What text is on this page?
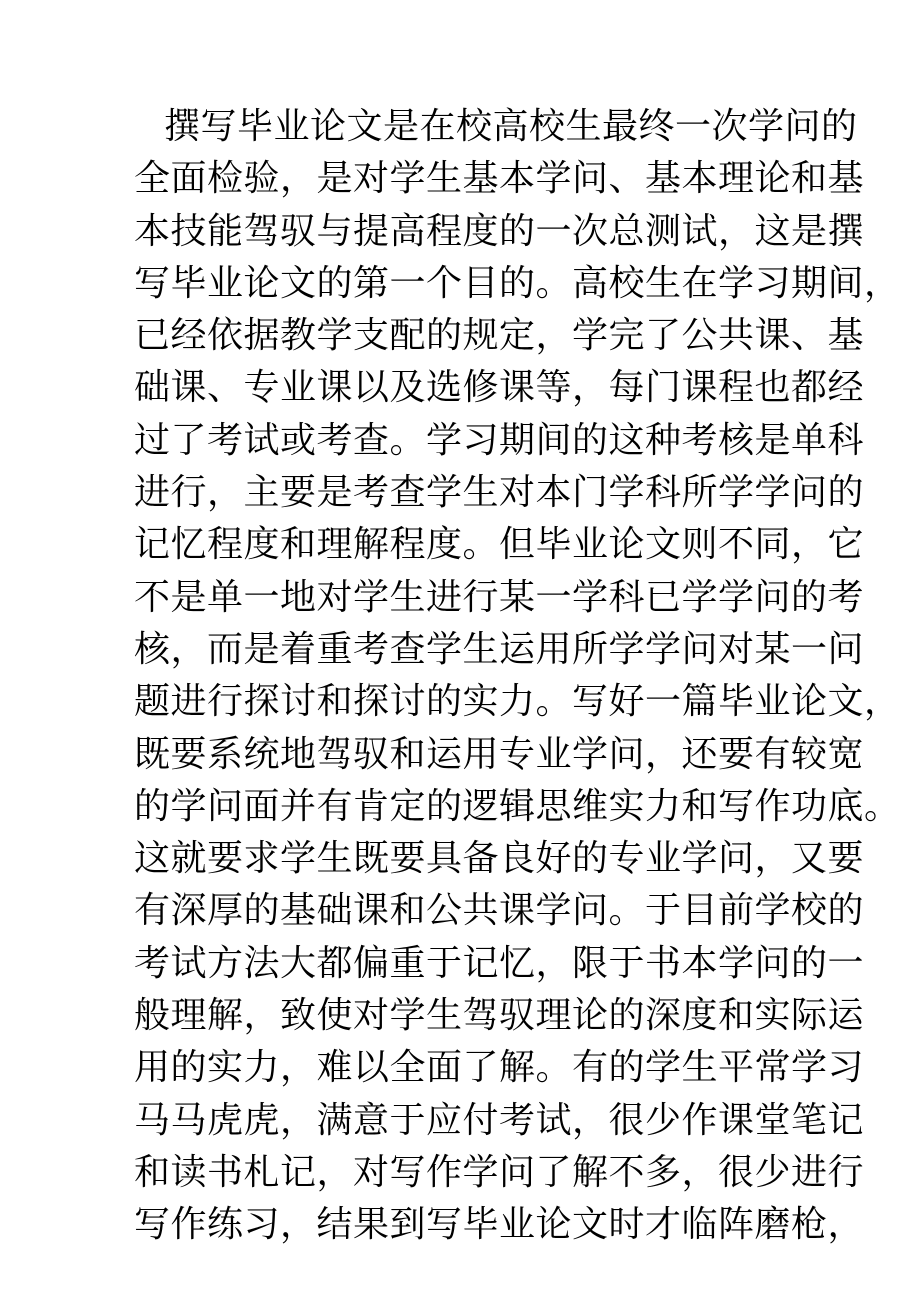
撰写毕业论文是在校高校生最终一次学问的
全面检验，是对学生基本学问、基本理论和基
本技能驾驭与提高程度的一次总测试，这是撰
写毕业论文的第一个目的。高校生在学习期间，
已经依据教学支配的规定，学完了公共课、基
础课、专业课以及选修课等，每门课程也都经
过了考试或考查。学习期间的这种考核是单科
进行，主要是考查学生对本门学科所学学问的
记忆程度和理解程度。但毕业论文则不同，它
不是单一地对学生进行某一学科已学学问的考
核，而是着重考查学生运用所学学问对某一问
题进行探讨和探讨的实力。写好一篇毕业论文，
既要系统地驾驭和运用专业学问，还要有较宽
的学问面并有肯定的逻辑思维实力和写作功底。
这就要求学生既要具备良好的专业学问，又要
有深厚的基础课和公共课学问。于目前学校的
考试方法大都偏重于记忆，限于书本学问的一
般理解，致使对学生驾驭理论的深度和实际运
用的实力，难以全面了解。有的学生平常学习
马马虎虎，满意于应付考试，很少作课堂笔记
和读书札记，对写作学问了解不多，很少进行
写作练习，结果到写毕业论文时才临阵磨枪，
